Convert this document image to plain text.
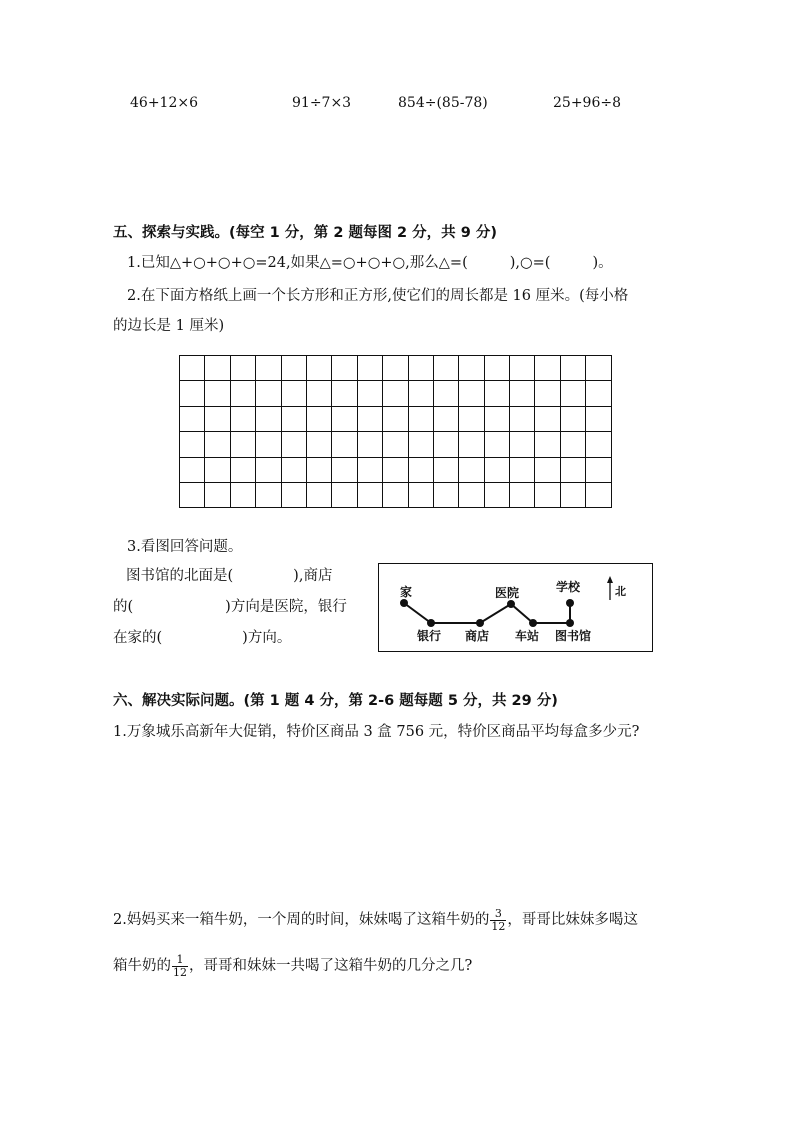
46+12×6	91÷7×3	854÷(85-78)	25+96÷8
五、探索与实践。(每空 1 分，第 2 题每图 2 分，共 9 分)
1.已知△+○+○+○=24,如果△=○+○+○,那么△=(	),○=(	)。
2.在下面方格纸上画一个长方形和正方形,使它们的周长都是 16 厘米。(每小格
的边长是 1 厘米)

3.看图回答问题。
图书馆的北面是(	),商店
的(	)方向是医院，银行
在家的(	)方向。
家
银行 商店 车站 图书馆
医院	学校	北
六、解决实际问题。(第 1 题 4 分，第 2-6 题每题 5 分，共 29 分)
1.万象城乐高新年大促销，特价区商品 3 盒 756 元，特价区商品平均每盒多少元?
2.妈妈买来一箱牛奶，一个周的时间，妹妹喝了这箱牛奶的 $\frac{3}{12}$ ，哥哥比妹妹多喝这
箱牛奶的 $\frac{1}{12}$ ，哥哥和妹妹一共喝了这箱牛奶的几分之几?
